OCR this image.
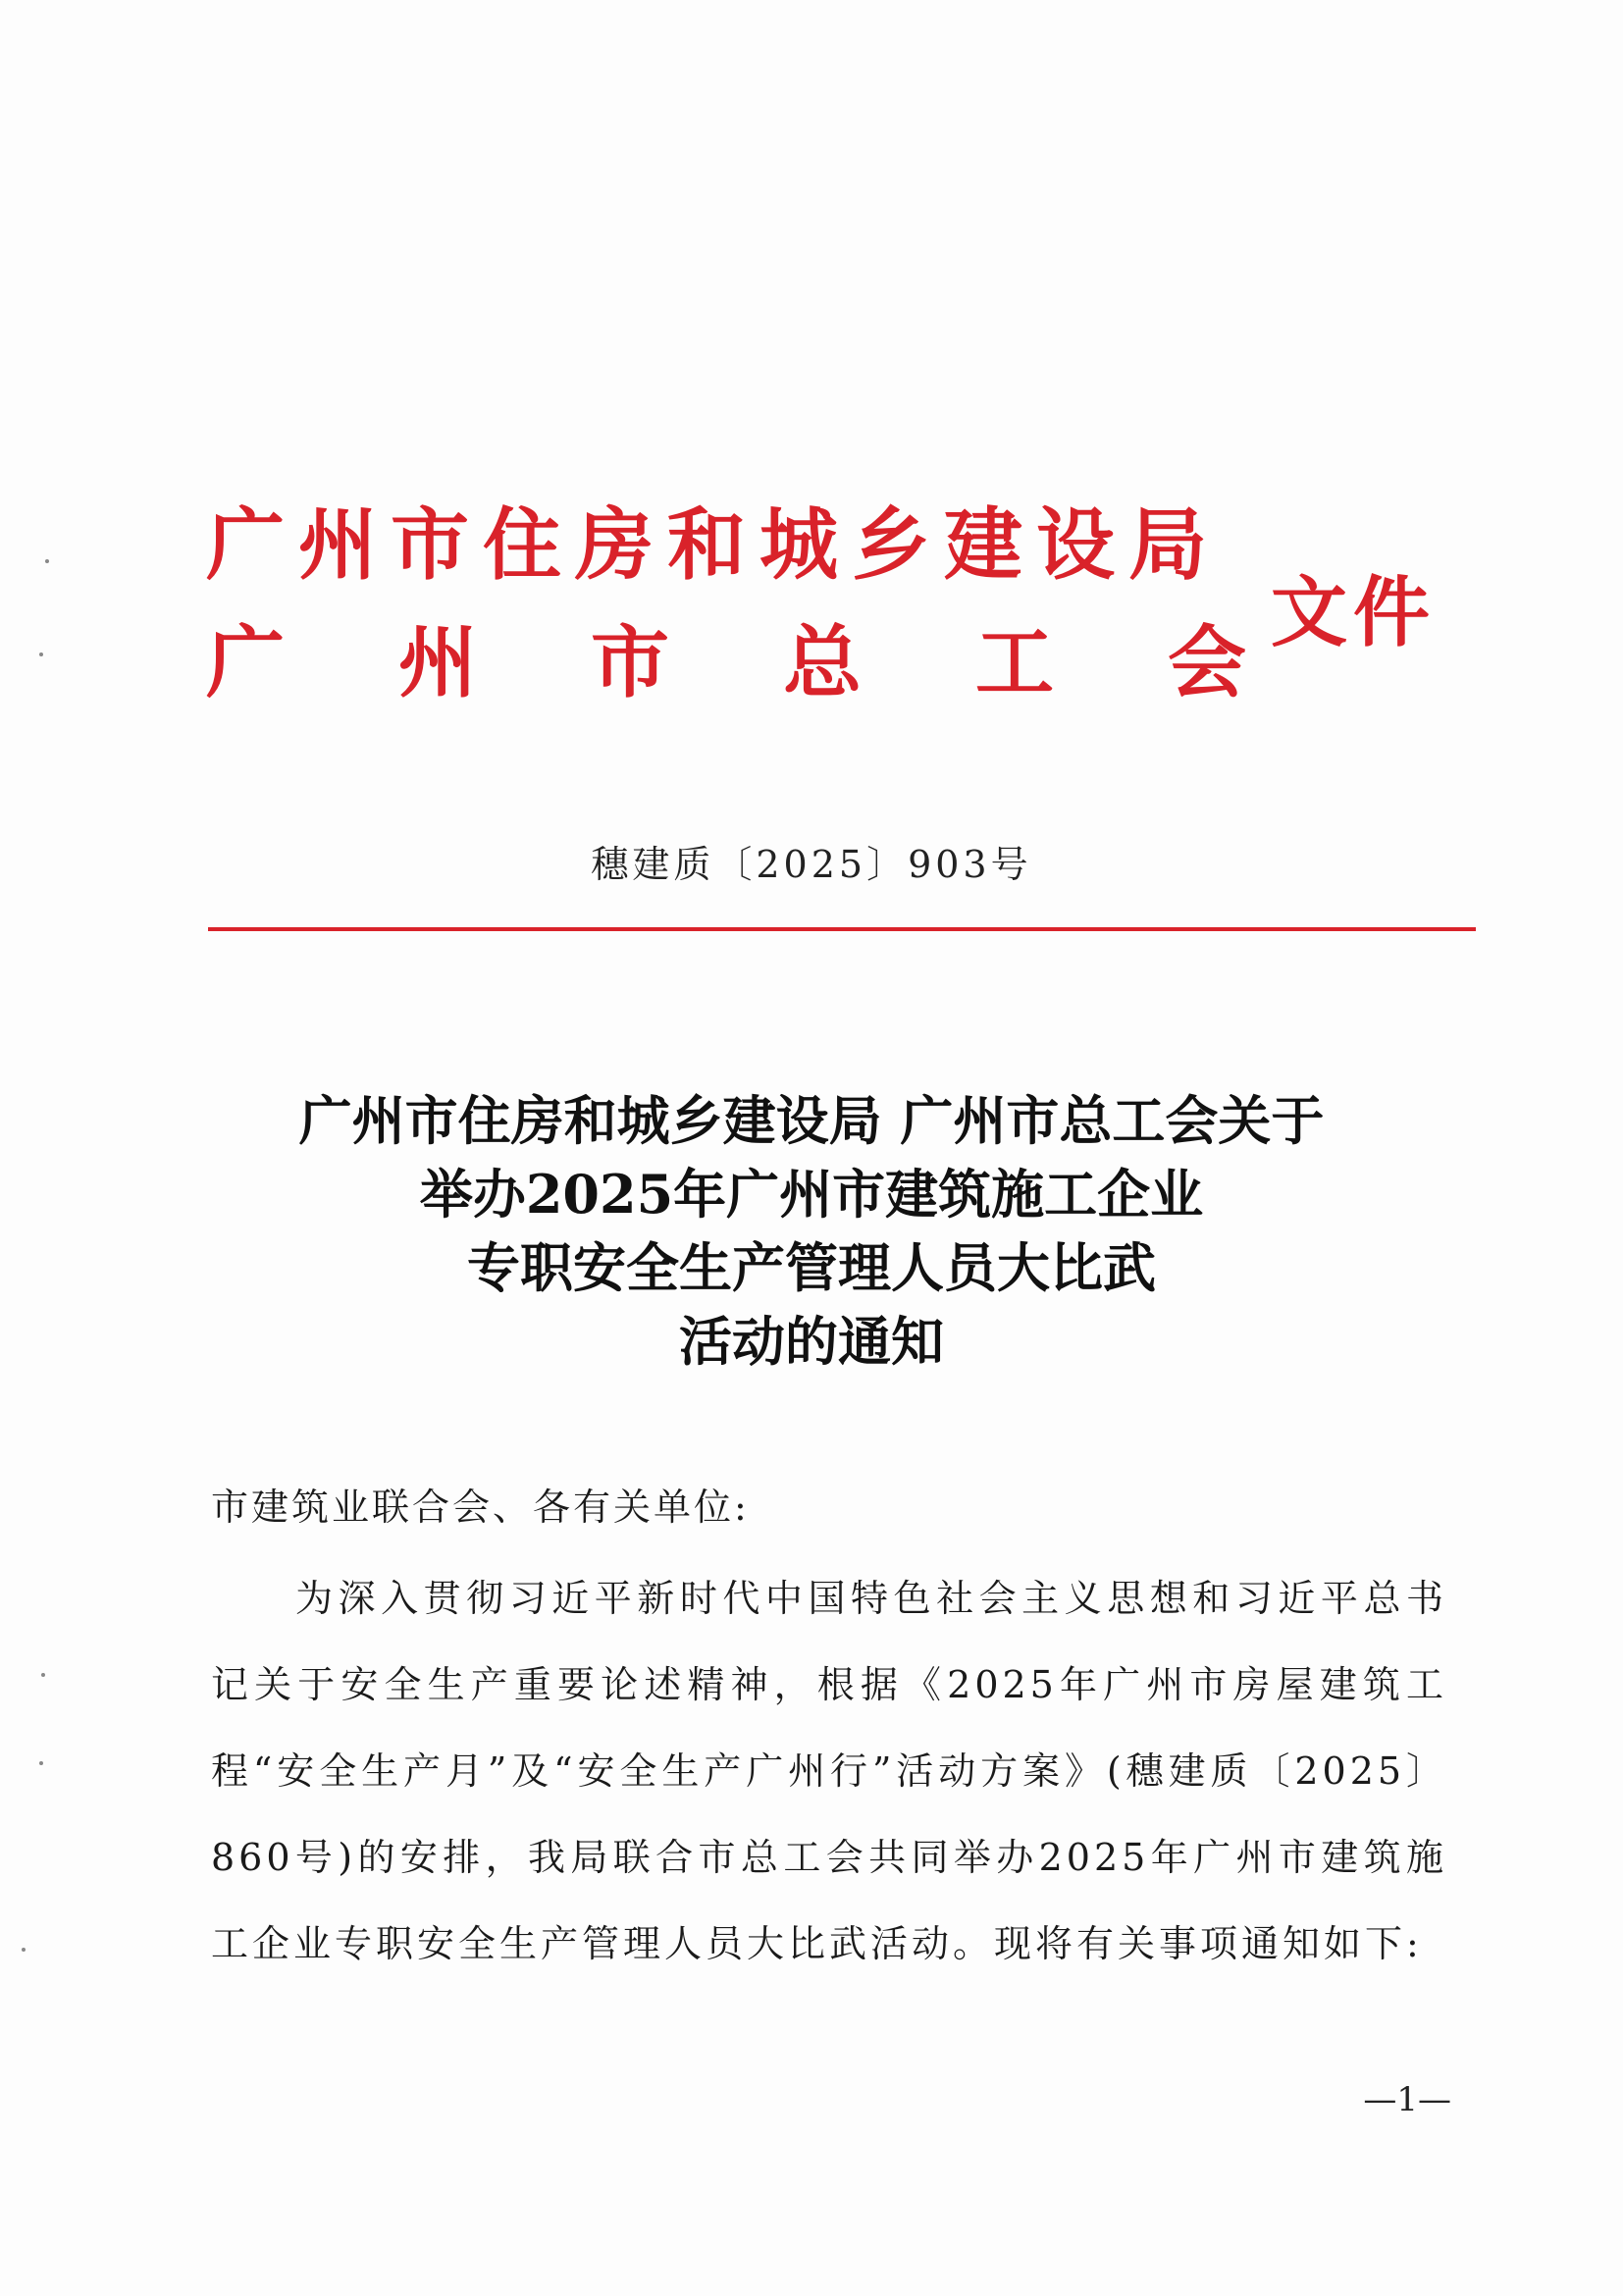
广州市住房和城乡建设局
广州市总工会
文件
穗建质〔2025〕903号
广州市住房和城乡建设局 广州市总工会关于
举办2025年广州市建筑施工企业
专职安全生产管理人员大比武
活动的通知
市建筑业联合会、各有关单位:
为深入贯彻习近平新时代中国特色社会主义思想和习近平总书记关于安全生产重要论述精神，根据《2025年广州市房屋建筑工程“安全生产月”及“安全生产广州行”活动方案》(穗建质〔2025〕860号)的安排，我局联合市总工会共同举办2025年广州市建筑施工企业专职安全生产管理人员大比武活动。现将有关事项通知如下:
—1—
